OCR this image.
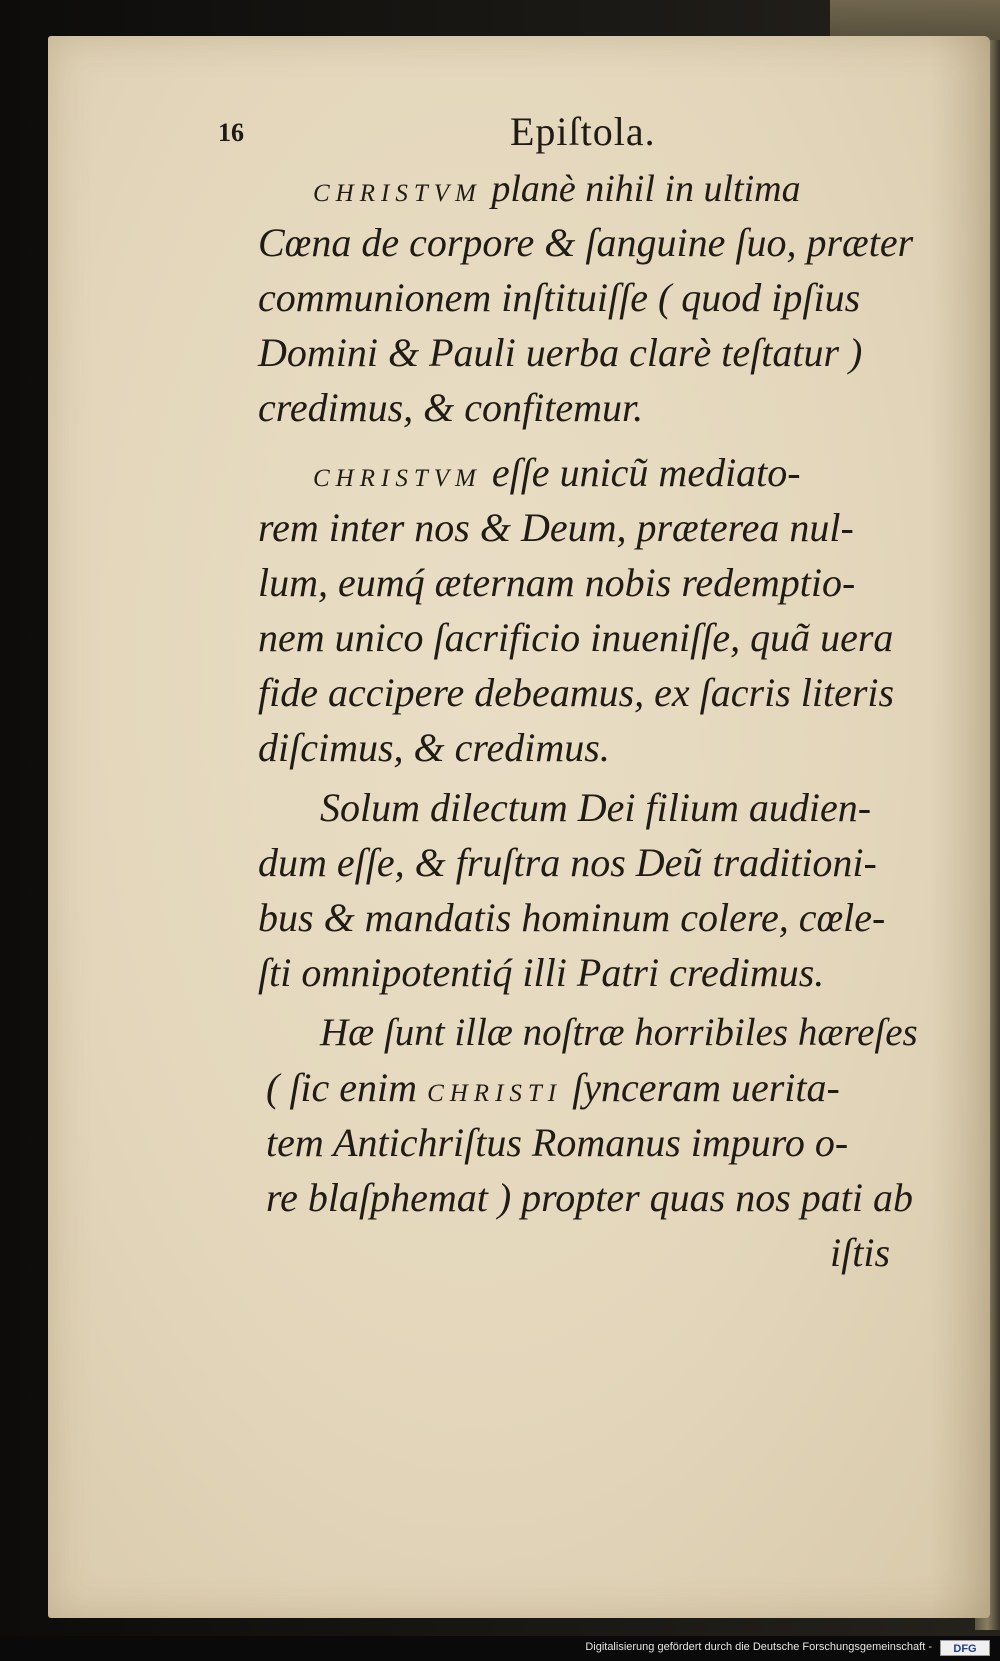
16	Epiſtola.
CHRISTVM planè nihil in ultima
Cœna de corpore & ſanguine ſuo, præter
communionem inſtituiſſe ( quod ipſius
Domini & Pauli uerba clarè teſtatur )
credimus, & confitemur.
CHRISTVM eſſe unicũ mediato-
rem inter nos & Deum, præterea nul-
lum, eumq́ æternam nobis redemptio-
nem unico ſacrificio inueniſſe, quã uera
fide accipere debeamus, ex ſacris literis
diſcimus, & credimus.
Solum dilectum Dei filium audien-
dum eſſe, & fruſtra nos Deũ traditioni-
bus & mandatis hominum colere, cœle-
ſti omnipotentiq́ illi Patri credimus.
Hæ ſunt illæ noſtræ horribiles hæreſes
( ſic enim CHRISTI ſynceram uerita-
tem Antichriſtus Romanus impuro o-
re blaſphemat ) propter quas nos pati ab
iſtis
Digitalisierung gefördert durch die Deutsche Forschungsgemeinschaft -	DFG
